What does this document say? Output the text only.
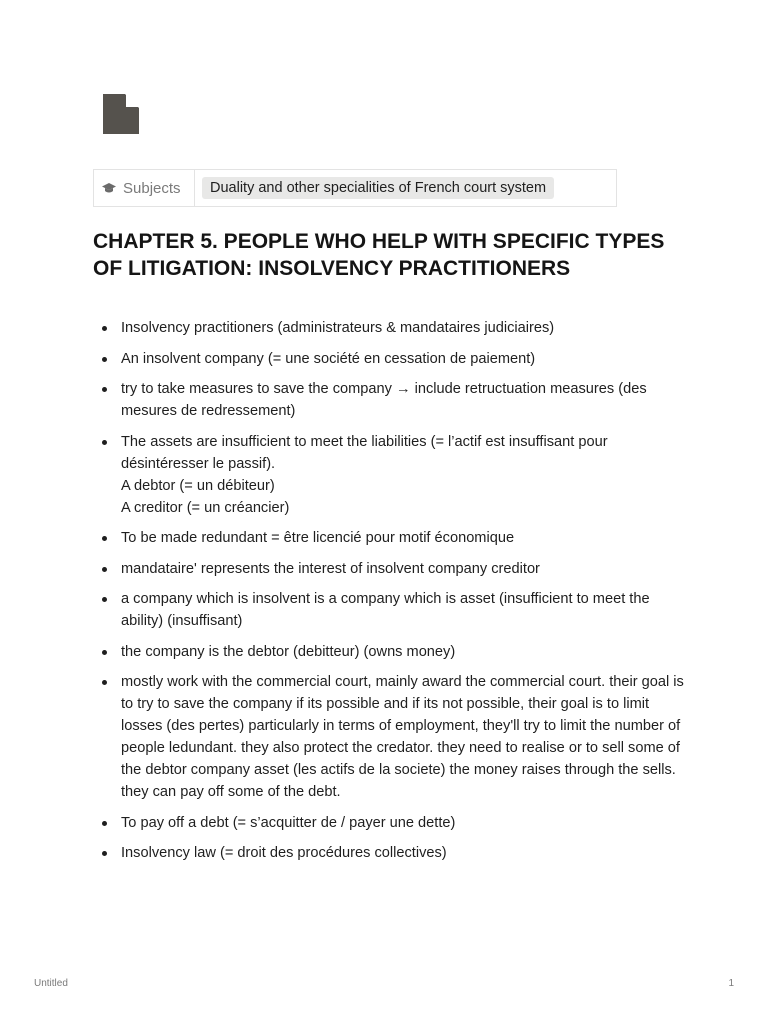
Subjects	Duality and other specialities of French court system
CHAPTER 5. PEOPLE WHO HELP WITH SPECIFIC TYPES OF LITIGATION: INSOLVENCY PRACTITIONERS
Insolvency practitioners (administrateurs & mandataires judiciaires)
An insolvent company (= une société en cessation de paiement)
try to take measures to save the company → include retructuation measures (des mesures de redressement)
The assets are insufficient to meet the liabilities (= l’actif est insuffisant pour désintéresser le passif).
A debtor (= un débiteur)
A creditor (= un créancier)
To be made redundant = être licencié pour motif économique
mandataire' represents the interest of insolvent company creditor
a company which is insolvent is a company which is asset (insufficient to meet the ability) (insuffisant)
the company is the debtor (debitteur) (owns money)
mostly work with the commercial court, mainly award the commercial court. their goal is to try to save the company if its possible and if its not possible, their goal is to limit losses (des pertes) particularly in terms of employment, they'll try to limit the number of people ledundant. they also protect the credator. they need to realise or to sell some of the debtor company asset (les actifs de la societe) the money raises through the sells. they can pay off some of the debt.
To pay off a debt (= s’acquitter de / payer une dette)
Insolvency law (= droit des procédures collectives)
Untitled	1
